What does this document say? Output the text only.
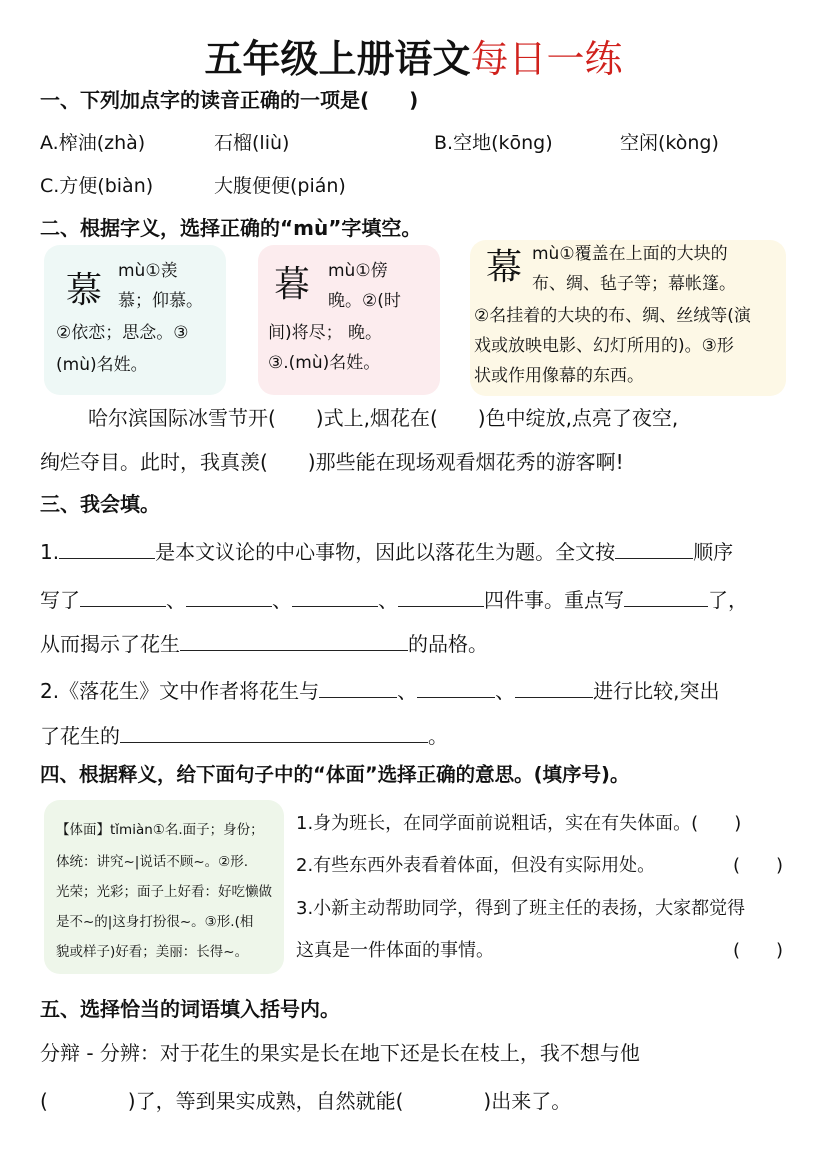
五年级上册语文每日一练
一、下列加点字的读音正确的一项是(　　)
A.榨油(zhà)	石榴(liù)	B.空地(kōng)	空闲(kòng)
C.方便(biàn)	大腹便便(pián)
二、根据字义，选择正确的“mù”字填空。
慕 mù①羡
慕；仰慕。
②依恋；思念。③
(mù)名姓。
暮 mù①傍
晚。②(时
间)将尽； 晚。
③.(mù)名姓。
幕 mù①覆盖在上面的大块的
布、绸、毡子等；幕帐篷。
②名挂着的大块的布、绸、丝绒等(演
戏或放映电影、幻灯所用的)。③形
状或作用像幕的东西。
哈尔滨国际冰雪节开(　　)式上,烟花在(　　)色中绽放,点亮了夜空,
绚烂夺目。此时，我真羡(　　)那些能在现场观看烟花秀的游客啊!
三、我会填。
1.	是本文议论的中心事物，因此以落花生为题。全文按	顺序
写了	、	、	、	四件事。重点写	了，
从而揭示了花生	的品格。
2.《落花生》文中作者将花生与	、	、	进行比较,突出
了花生的	。
四、根据释义，给下面句子中的“体面”选择正确的意思。(填序号)。
【体面】tǐmiàn①名.面子；身份；
体统：讲究~|说话不顾~。②形.
光荣；光彩；面子上好看：好吃懒做
是不~的|这身打扮很~。③形.(相
貌或样子)好看；美丽：长得~。
1.身为班长，在同学面前说粗话，实在有失体面。(　　)
2.有些东西外表看着体面，但没有实际用处。	(　　)
3.小新主动帮助同学，得到了班主任的表扬，大家都觉得
这真是一件体面的事情。	(　　)
五、选择恰当的词语填入括号内。
分辩 - 分辨：对于花生的果实是长在地下还是长在枝上，我不想与他
(　　　　)了，等到果实成熟，自然就能(　　　　)出来了。
